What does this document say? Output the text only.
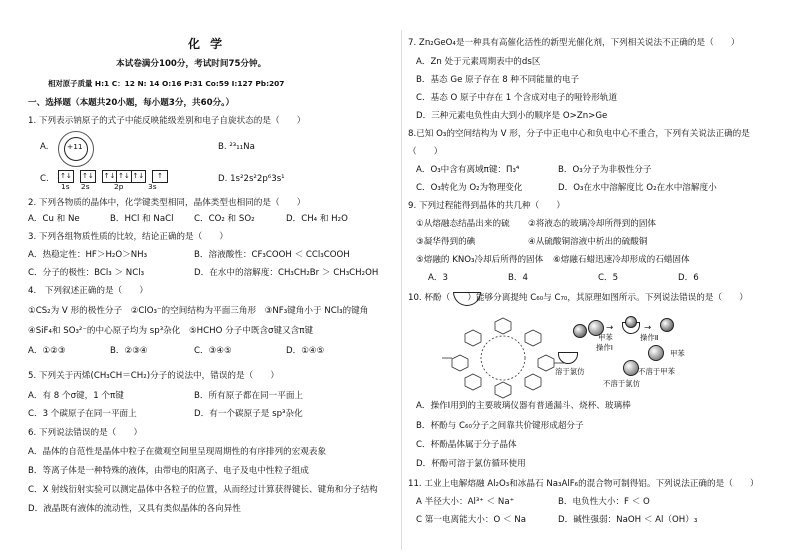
化 学
本试卷满分100分，考试时间75分钟。
相对原子质量 H:1 C：12 N: 14 O:16 P:31 Co:59 I:127 Pb:207
一、选择题（本题共20小题，每小题3分，共60分。）
1. 下列表示钠原子的式子中能反映能级差别和电子自旋状态的是（　　）
A.	+11	B. ²³₁₁Na
C. ↑↓ ↑↓ ↑↓ ↑↓ ↑↓	↑
1s 2s	2p	3s
D. 1s²2s²2p⁶3s¹
2. 下列各物质的晶体中，化学键类型相同，晶体类型也相同的是（　　）
A．Cu 和 Ne	B．HCl 和 NaCl C．CO₂ 和 SO₂	D．CH₄ 和 H₂O
3. 下列各组物质性质的比较，结论正确的是（　　）
A．热稳定性：HF＞H₂O＞NH₃	B．溶液酸性：CF₃COOH ＜ CCl₃COOH
C．分子的极性：BCl₃ ＞ NCl₃	D．在水中的溶解度：CH₃CH₂Br ＞ CH₃CH₂OH
4.　下列叙述正确的是（　　）
①CS₂为 V 形的极性分子　②ClO₃⁻的空间结构为平面三角形　③NF₃键角小于 NCl₃的键角
④SiF₄和 SO₃²⁻的中心原子均为 sp³杂化　⑤HCHO 分子中既含σ键又含π键
A．①②③	B．②③④	C．③④⑤	D．①④⑤
5. 下列关于丙烯(CH₃CH＝CH₂)分子的说法中，错误的是（　　）
A．有 8 个σ键，1 个π键	B．所有原子都在同一平面上
C．3 个碳原子在同一平面上	D．有一个碳原子是 sp³杂化
6. 下列说法错误的是（　　）
A．晶体的自范性是晶体中粒子在微观空间里呈现周期性的有序排列的宏观表象
B．等离子体是一种特殊的液体，由带电的阳离子、电子及电中性粒子组成
C．X 射线衍射实验可以测定晶体中各粒子的位置，从而经过计算获得键长、键角和分子结构
D．液晶既有液体的流动性，又具有类似晶体的各向异性
7. Zn₂GeO₄是一种具有高催化活性的新型光催化剂，下列相关说法不正确的是（　　）
A．Zn 处于元素周期表中的ds区
B．基态 Ge 原子存在 8 种不同能量的电子
C．基态 O 原子中存在 1 个含成对电子的哑铃形轨道
D．三种元素电负性由大到小的顺序是 O>Zn>Ge
8.已知 O₃的空间结构为 V 形，分子中正电中心和负电中心不重合，下列有关说法正确的是
（　　）
A．O₃中含有离域π键：Π₃⁴	B．O₃分子为非极性分子
C．O₃转化为 O₂为物理变化	D．O₃在水中溶解度比 O₂在水中溶解度小
9. 下列过程能得到晶体的共几种（　　）
①从熔融态结晶出来的硫 ②将液态的玻璃冷却所得到的固体
③凝华得到的碘	④从硫酸铜溶液中析出的硫酸铜
⑤熔融的 KNO₃冷却后所得的固体 ⑥熔融石蜡迅速冷却形成的石蜡固体
A．3	B．4	C．5	D．6
10. 杯酚（　　）能够分离提纯 C₆₀与 C₇₀，其原理如图所示。下列说法错误的是（　　）
→	→
甲苯
操作Ⅰ
操作Ⅱ
溶于氯仿	不溶于甲苯
不溶于氯仿
甲苯
A．操作Ⅰ用到的主要玻璃仪器有普通漏斗、烧杯、玻璃棒
B．杯酚与 C₆₀分子之间靠共价键形成超分子
C．杯酚晶体属于分子晶体
D．杯酚可溶于氯仿循环使用
11. 工业上电解熔融 Al₂O₃和冰晶石 Na₃AlF₆的混合物可制得铝。下列说法正确的是（　　）
A 半径大小：Al³⁺ ＜ Na⁺	B．电负性大小：F ＜ O
C 第一电离能大小：O ＜ Na	D．碱性强弱：NaOH ＜ Al（OH）₃
